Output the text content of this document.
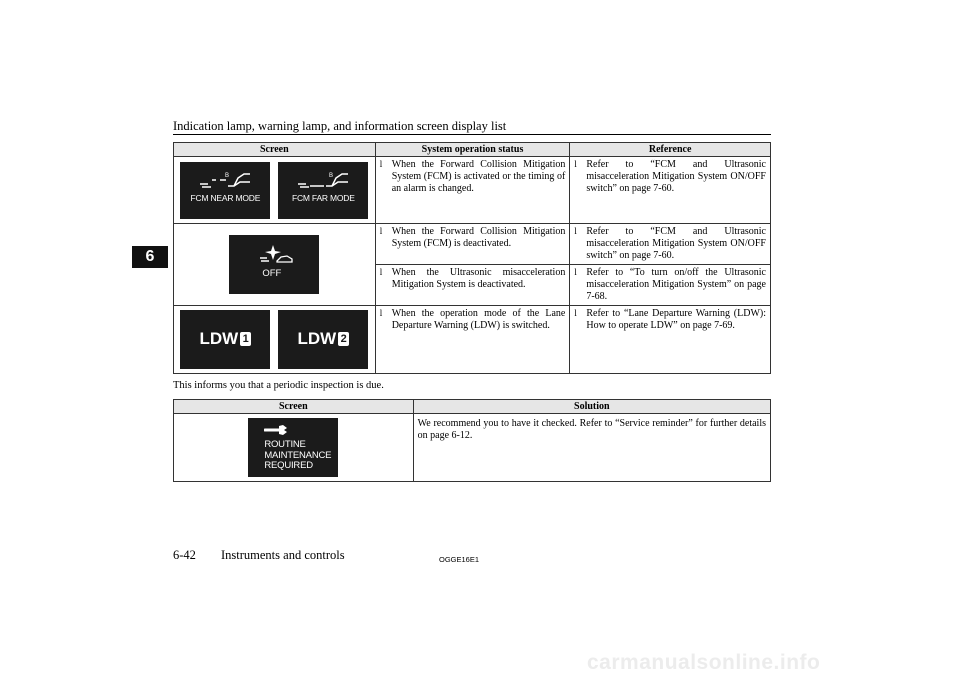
Indication lamp, warning lamp, and information screen display list
6
Screen	System operation status	Reference

B
FCM NEAR MODE
B
FCM FAR MODE	l When the Forward Collision Mitigation System (FCM) is activated or the timing of an alarm is changed.	l Refer to “FCM and Ultrasonic misacceleration Mitigation System ON/OFF switch” on page 7-60.

OFF	l When the Forward Collision Mitigation System (FCM) is deactivated.	l Refer to “FCM and Ultrasonic misacceleration Mitigation System ON/OFF switch” on page 7-60.

	l When the Ultrasonic misacceleration Mitigation System is deactivated.	l Refer to “To turn on/off the Ultrasonic misacceleration Mitigation System” on page 7-68.

LDW 1 LDW 2	l When the operation mode of the Lane Departure Warning (LDW) is switched.	l Refer to “Lane Departure Warning (LDW): How to operate LDW” on page 7-69.
This informs you that a periodic inspection is due.
Screen	Solution

ROUTINE
MAINTENANCE
REQUIRED	We recommend you to have it checked. Refer to “Service reminder” for further details on page 6-12.
6-42 Instruments and controls	OGGE16E1
carmanualsonline.info
